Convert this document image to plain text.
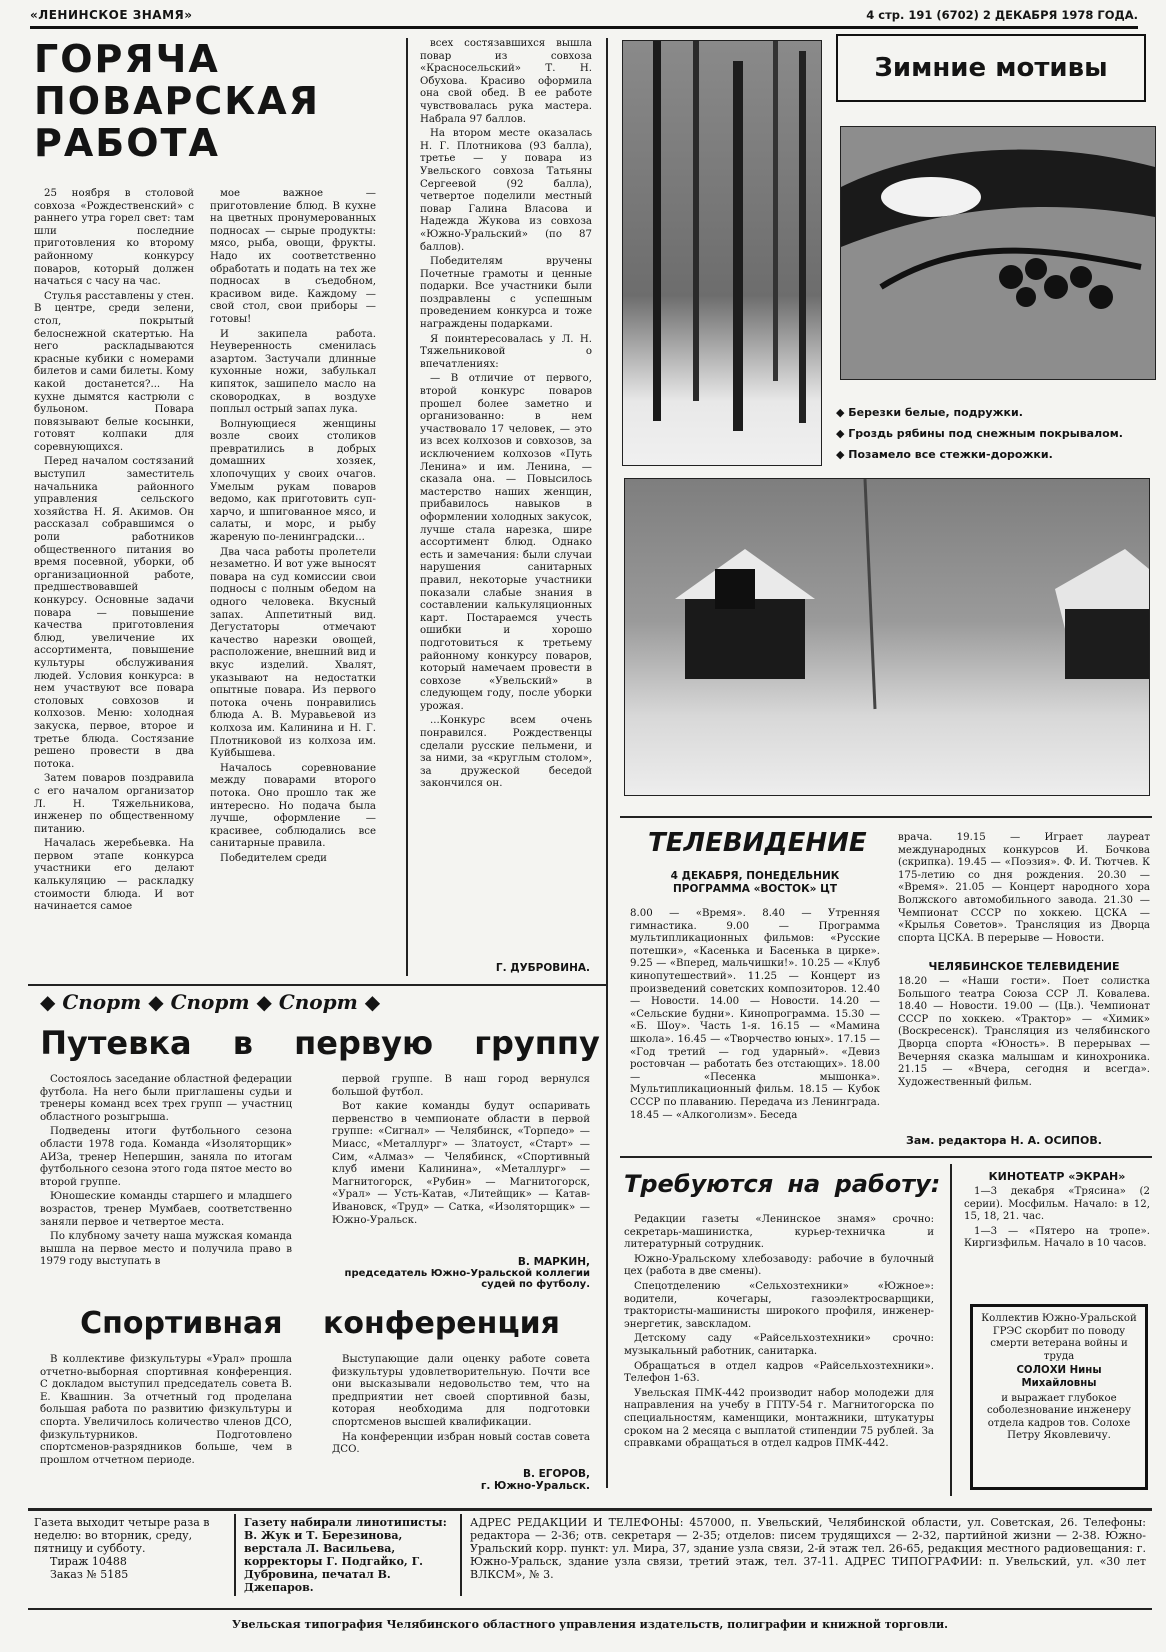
«ЛЕНИНСКОЕ ЗНАМЯ»	4 стр. 191 (6702) 2 ДЕКАБРЯ 1978 ГОДА.
ГОРЯЧА
ПОВАРСКАЯ
РАБОТА

25 ноября в столовой совхоза «Рождественский» с раннего утра горел свет: там шли последние приготовления ко второму районному конкурсу поваров, который должен начаться с часу на час.

Стулья расставлены у стен. В центре, среди зелени, стол, покрытый белоснежной скатертью. На него раскладываются красные кубики с номерами билетов и сами билеты. Кому какой достанется?... На кухне дымятся кастрюли с бульоном. Повара повязывают белые косынки, готовят колпаки для соревнующихся.

Перед началом состязаний выступил заместитель начальника районного управления сельского хозяйства Н. Я. Акимов. Он рассказал собравшимся о роли работников общественного питания во время посевной, уборки, об организационной работе, предшествовавшей конкурсу. Основные задачи повара — повышение качества приготовления блюд, увеличение их ассортимента, повышение культуры обслуживания людей. Условия конкурса: в нем участвуют все повара столовых совхозов и колхозов. Меню: холодная закуска, первое, второе и третье блюда. Состязание решено провести в два потока.

Затем поваров поздравила с его началом организатор Л. Н. Тяжельникова, инженер по общественному питанию.

Началась жеребьевка. На первом этапе конкурса участники его делают калькуляцию — раскладку стоимости блюда. И вот начинается самое

мое важное — приготовление блюд. В кухне на цветных пронумерованных подносах — сырые продукты: мясо, рыба, овощи, фрукты. Надо их соответственно обработать и подать на тех же подносах в съедобном, красивом виде. Каждому — свой стол, свои приборы — готовы!

И закипела работа. Неуверенность сменилась азартом. Застучали длинные кухонные ножи, забулькал кипяток, зашипело масло на сковородках, в воздухе поплыл острый запах лука.

Волнующиеся женщины возле своих столиков превратились в добрых домашних хозяек, хлопочущих у своих очагов. Умелым рукам поваров ведомо, как приготовить суп-харчо, и шпигованное мясо, и салаты, и морс, и рыбу жареную по-ленинградски...

Два часа работы пролетели незаметно. И вот уже выносят повара на суд комиссии свои подносы с полным обедом на одного человека. Вкусный запах. Аппетитный вид. Дегустаторы отмечают качество нарезки овощей, расположение, внешний вид и вкус изделий. Хвалят, указывают на недостатки опытные повара. Из первого потока очень понравились блюда А. В. Муравьевой из колхоза им. Калинина и Н. Г. Плотниковой из колхоза им. Куйбышева.

Началось соревнование между поварами второго потока. Оно прошло так же интересно. Но подача была лучше, оформление — красивее, соблюдались все санитарные правила.

Победителем среди

всех состязавшихся вышла повар из совхоза «Красносельский» Т. Н. Обухова. Красиво оформила она свой обед. В ее работе чувствовалась рука мастера. Набрала 97 баллов.

На втором месте оказалась Н. Г. Плотникова (93 балла), третье — у повара из Увельского совхоза Татьяны Сергеевой (92 балла), четвертое поделили местный повар Галина Власова и Надежда Жукова из совхоза «Южно-Уральский» (по 87 баллов).

Победителям вручены Почетные грамоты и ценные подарки. Все участники были поздравлены с успешным проведением конкурса и тоже награждены подарками.

Я поинтересовалась у Л. Н. Тяжельниковой о впечатлениях:

— В отличие от первого, второй конкурс поваров прошел более заметно и организованно: в нем участвовало 17 человек, — это из всех колхозов и совхозов, за исключением колхозов «Путь Ленина» и им. Ленина, — сказала она. — Повысилось мастерство наших женщин, прибавилось навыков в оформлении холодных закусок, лучше стала нарезка, шире ассортимент блюд. Однако есть и замечания: были случаи нарушения санитарных правил, некоторые участники показали слабые знания в составлении калькуляционных карт. Постараемся учесть ошибки и хорошо подготовиться к третьему районному конкурсу поваров, который намечаем провести в совхозе «Увельский» в следующем году, после уборки урожая.

...Конкурс всем очень понравился. Рождественцы сделали русские пельмени, и за ними, за «круглым столом», за дружеской беседой закончился он.

Г. ДУБРОВИНА.
Зимние мотивы
◆ Березки белые, подружки.
◆ Гроздь рябины под снежным покрывалом.
◆ Позамело все стежки-дорожки.
◆ Спорт ◆ Спорт ◆ Спорт ◆
Путевка в первую группу

Состоялось заседание областной федерации футбола. На него были приглашены судьи и тренеры команд всех трех групп — участниц областного розыгрыша.

Подведены итоги футбольного сезона области 1978 года. Команда «Изоляторщик» АИЗа, тренер Непершин, заняла по итогам футбольного сезона этого года пятое место во второй группе.

Юношеские команды старшего и младшего возрастов, тренер Мумбаев, соответственно заняли первое и четвертое места.

По клубному зачету наша мужская команда вышла на первое место и получила право в 1979 году выступать в

первой группе. В наш город вернулся большой футбол.

Вот какие команды будут оспаривать первенство в чемпионате области в первой группе: «Сигнал» — Челябинск, «Торпедо» — Миасс, «Металлург» — Златоуст, «Старт» — Сим, «Алмаз» — Челябинск, «Спортивный клуб имени Калинина», «Металлург» — Магнитогорск, «Рубин» — Магнитогорск, «Урал» — Усть-Катав, «Литейщик» — Катав-Ивановск, «Труд» — Сатка, «Изоляторщик» — Южно-Уральск.

В. МАРКИН,
председатель Южно-Уральской коллегии судей по футболу.
Спортивная конференция

В коллективе физкультуры «Урал» прошла отчетно-выборная спортивная конференция. С докладом выступил председатель совета В. Е. Квашнин. За отчетный год проделана большая работа по развитию физкультуры и спорта. Увеличилось количество членов ДСО, физкультурников. Подготовлено спортсменов-разрядников больше, чем в прошлом отчетном периоде.

Выступающие дали оценку работе совета физкультуры удовлетворительную. Почти все они высказывали недовольство тем, что на предприятии нет своей спортивной базы, которая необходима для подготовки спортсменов высшей квалификации.

На конференции избран новый состав совета ДСО.

В. ЕГОРОВ,
г. Южно-Уральск.
ТЕЛЕВИДЕНИЕ
4 ДЕКАБРЯ, ПОНЕДЕЛЬНИК
ПРОГРАММА «ВОСТОК» ЦТ

8.00 — «Время». 8.40 — Утренняя гимнастика. 9.00 — Программа мультипликационных фильмов: «Русские потешки», «Касенька и Басенька в цирке». 9.25 — «Вперед, мальчишки!». 10.25 — «Клуб кинопутешествий». 11.25 — Концерт из произведений советских композиторов. 12.40 — Новости. 14.00 — Новости. 14.20 — «Сельские будни». Кинопрограмма. 15.30 — «Б. Шоу». Часть 1-я. 16.15 — «Мамина школа». 16.45 — «Творчество юных». 17.15 — «Год третий — год ударный». «Девиз ростовчан — работать без отстающих». 18.00 — «Песенка мышонка». Мультипликационный фильм. 18.15 — Кубок СССР по плаванию. Передача из Ленинграда. 18.45 — «Алкоголизм». Беседа

врача. 19.15 — Играет лауреат международных конкурсов И. Бочкова (скрипка). 19.45 — «Поэзия». Ф. И. Тютчев. К 175-летию со дня рождения. 20.30 — «Время». 21.05 — Концерт народного хора Волжского автомобильного завода. 21.30 — Чемпионат СССР по хоккею. ЦСКА — «Крылья Советов». Трансляция из Дворца спорта ЦСКА. В перерыве — Новости.

ЧЕЛЯБИНСКОЕ ТЕЛЕВИДЕНИЕ

18.20 — «Наши гости». Поет солистка Большого театра Союза ССР Л. Ковалева. 18.40 — Новости. 19.00 — (Цв.). Чемпионат СССР по хоккею. «Трактор» — «Химик» (Воскресенск). Трансляция из челябинского Дворца спорта «Юность». В перерывах — Вечерняя сказка малышам и кинохроника. 21.15 — «Вчера, сегодня и всегда». Художественный фильм.

Зам. редактора Н. А. ОСИПОВ.
Требуются на работу:

Редакции газеты «Ленинское знамя» срочно: секретарь-машинистка, курьер-техничка и литературный сотрудник.

Южно-Уральскому хлебозаводу: рабочие в булочный цех (работа в две смены).

Спецотделению «Сельхозтехники» «Южное»: водители, кочегары, газоэлектросварщики, трактористы-машинисты широкого профиля, инженер-энергетик, завскладом.

Детскому саду «Райсельхозтехники» срочно: музыкальный работник, санитарка.

Обращаться в отдел кадров «Райсельхозтехники». Телефон 1-63.

Увельская ПМК-442 производит набор молодежи для направления на учебу в ГПТУ-54 г. Магнитогорска по специальностям, каменщики, монтажники, штукатуры сроком на 2 месяца с выплатой стипендии 75 рублей. За справками обращаться в отдел кадров ПМК-442.

КИНОТЕАТР «ЭКРАН»

1—3 декабря «Трясина» (2 серии). Мосфильм. Начало: в 12, 15, 18, 21. час.

1—3 — «Пятеро на тропе». Киргизфильм. Начало в 10 часов.

Коллектив Южно-Уральской ГРЭС скорбит по поводу смерти ветерана войны и труда
СОЛОХИ Нины Михайловны
и выражает глубокое соболезнование инженеру отдела кадров тов. Солохе Петру Яковлевичу.
Газета выходит четыре раза в неделю: во вторник, среду, пятницу и субботу.
Тираж 10488
Заказ № 5185
Газету набирали линотиписты: В. Жук и Т. Березинова, верстала Л. Васильева, корректоры Г. Подгайко, Г. Дубровина, печатал В. Джепаров.
АДРЕС РЕДАКЦИИ И ТЕЛЕФОНЫ: 457000, п. Увельский, Челябинской области, ул. Советская, 26. Телефоны: редактора — 2-36; отв. секретаря — 2-35; отделов: писем трудящихся — 2-32, партийной жизни — 2-38. Южно-Уральский корр. пункт: ул. Мира, 37, здание узла связи, 2-й этаж тел. 26-65, редакция местного радиовещания: г. Южно-Уральск, здание узла связи, третий этаж, тел. 37-11. АДРЕС ТИПОГРАФИИ: п. Увельский, ул. «30 лет ВЛКСМ», № 3.
Увельская типография Челябинского областного управления издательств, полиграфии и книжной торговли.
